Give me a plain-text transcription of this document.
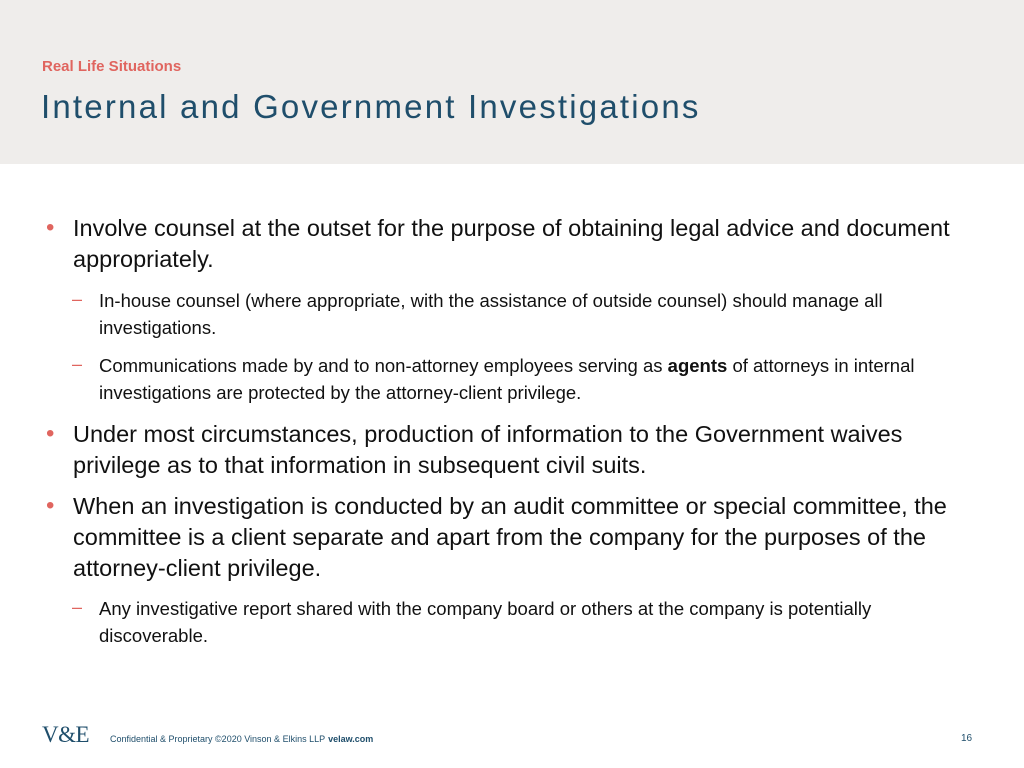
Real Life Situations
Internal and Government Investigations
• Involve counsel at the outset for the purpose of obtaining legal advice and document appropriately.
– In-house counsel (where appropriate, with the assistance of outside counsel) should manage all investigations.
– Communications made by and to non-attorney employees serving as agents of attorneys in internal investigations are protected by the attorney-client privilege.
• Under most circumstances, production of information to the Government waives privilege as to that information in subsequent civil suits.
• When an investigation is conducted by an audit committee or special committee, the committee is a client separate and apart from the company for the purposes of the attorney-client privilege.
– Any investigative report shared with the company board or others at the company is potentially discoverable.
V&E Confidential & Proprietary ©2020 Vinson & Elkins LLP velaw.com	16
